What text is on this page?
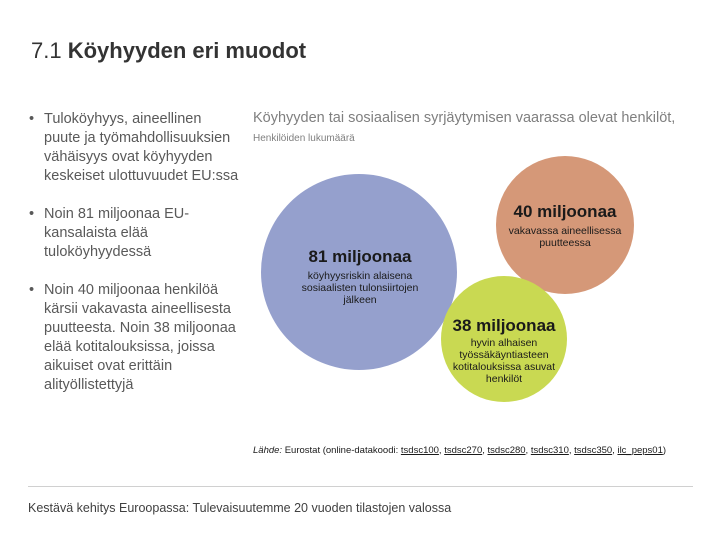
7.1 Köyhyyden eri muodot
• Tuloköyhyys, aineellinen puute ja työmahdollisuuksien vähäisyys ovat köyhyyden keskeiset ulottuvuudet EU:ssa
• Noin 81 miljoonaa EU-kansalaista elää tuloköyhyydessä
• Noin 40 miljoonaa henkilöä kärsii vakavasta aineellisesta puutteesta. Noin 38 miljoonaa elää kotitalouksissa, joissa aikuiset ovat erittäin alityöllistettyjä
Köyhyyden tai sosiaalisen syrjäytymisen vaarassa olevat henkilöt,
Henkilöiden lukumäärä
81 miljoonaa
köyhyysriskin alaisena sosiaalisten tulonsiirtojen jälkeen
40 miljoonaa
vakavassa aineellisessa puutteessa
38 miljoonaa
hyvin alhaisen työssäkäyntiasteen kotitalouksissa asuvat henkilöt
Lähde: Eurostat (online-datakoodi: tsdsc100, tsdsc270, tsdsc280, tsdsc310, tsdsc350, ilc_peps01)
Kestävä kehitys Euroopassa: Tulevaisuutemme 20 vuoden tilastojen valossa
